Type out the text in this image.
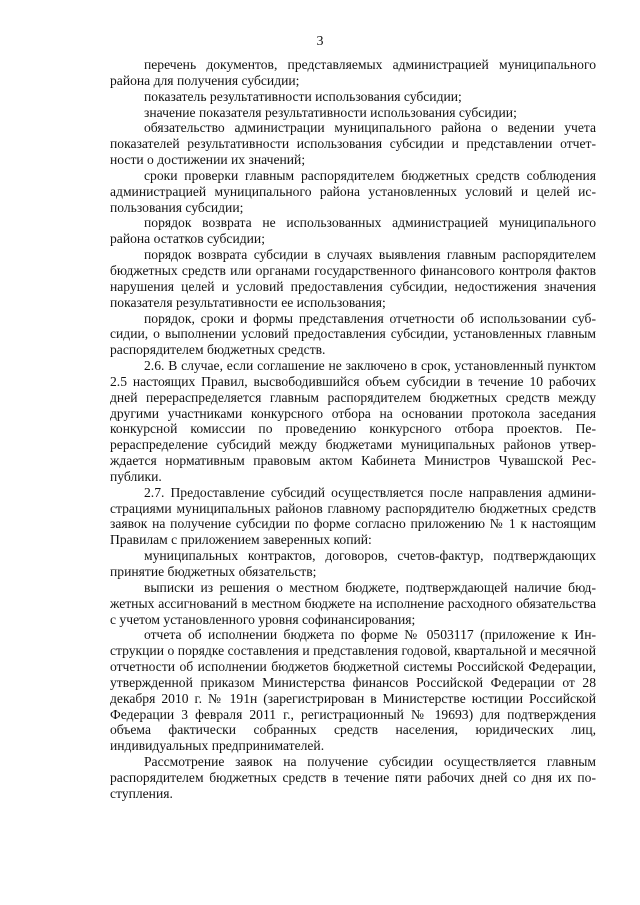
3

перечень документов, представляемых администрацией муниципального района для получения субсидии;

показатель результативности использования субсидии;

значение показателя результативности использования субсидии;

обязательство администрации муниципального района о ведении учета показателей результативности использования субсидии и представлении отчетности о достижении их значений;

сроки проверки главным распорядителем бюджетных средств соблюдения администрацией муниципального района установленных условий и целей использования субсидии;

порядок возврата не использованных администрацией муниципального района остатков субсидии;

порядок возврата субсидии в случаях выявления главным распорядителем бюджетных средств или органами государственного финансового контроля фактов нарушения целей и условий предоставления субсидии, недостижения значения показателя результативности ее использования;

порядок, сроки и формы представления отчетности об использовании субсидии, о выполнении условий предоставления субсидии, установленных главным распорядителем бюджетных средств.

2.6. В случае, если соглашение не заключено в срок, установленный пунктом 2.5 настоящих Правил, высвободившийся объем субсидии в течение 10 рабочих дней перераспределяется главным распорядителем бюджетных средств между другими участниками конкурсного отбора на основании протокола заседания конкурсной комиссии по проведению конкурсного отбора проектов. Перераспределение субсидий между бюджетами муниципальных районов утверждается нормативным правовым актом Кабинета Министров Чувашской Республики.

2.7. Предоставление субсидий осуществляется после направления администрациями муниципальных районов главному распорядителю бюджетных средств заявок на получение субсидии по форме согласно приложению № 1 к настоящим Правилам с приложением заверенных копий:

муниципальных контрактов, договоров, счетов-фактур, подтверждающих принятие бюджетных обязательств;

выписки из решения о местном бюджете, подтверждающей наличие бюджетных ассигнований в местном бюджете на исполнение расходного обязательства с учетом установленного уровня софинансирования;

отчета об исполнении бюджета по форме № 0503117 (приложение к Инструкции о порядке составления и представления годовой, квартальной и месячной отчетности об исполнении бюджетов бюджетной системы Российской Федерации, утвержденной приказом Министерства финансов Российской Федерации от 28 декабря 2010 г. № 191н (зарегистрирован в Министерстве юстиции Российской Федерации 3 февраля 2011 г., регистрационный № 19693) для подтверждения объема фактически собранных средств населения, юридических лиц, индивидуальных предпринимателей.

Рассмотрение заявок на получение субсидии осуществляется главным распорядителем бюджетных средств в течение пяти рабочих дней со дня их поступления.
